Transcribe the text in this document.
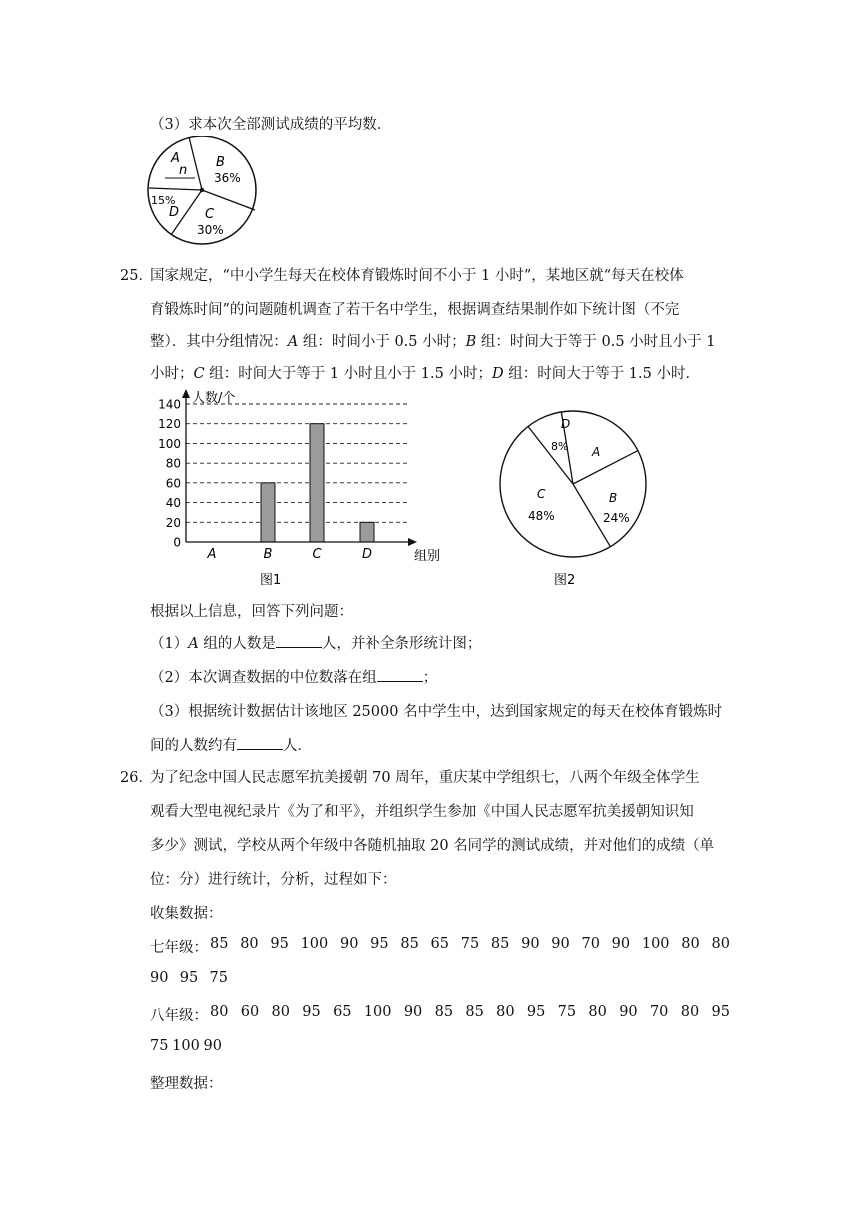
（3）求本次全部测试成绩的平均数．
A
n
B
36%
15%
D C
30%
25．
国家规定，“中小学生每天在校体育锻炼时间不小于 1 小时”，某地区就“每天在校体
育锻炼时间”的问题随机调查了若干名中学生，根据调查结果制作如下统计图（不完
整）．其中分组情况：A 组：时间小于 0.5 小时；B 组：时间大于等于 0.5 小时且小于 1
小时；C 组：时间大于等于 1 小时且小于 1.5 小时；D 组：时间大于等于 1.5 小时．
0
20
40
60
80
100
120
140
A	B	C	D
人数/个
组别
图1
D
8% A
B
24%
C
48%
图2
根据以上信息，回答下列问题：
（1）A 组的人数是	人，并补全条形统计图；
（2）本次调查数据的中位数落在组	；
（3）根据统计数据估计该地区 25000 名中学生中，达到国家规定的每天在校体育锻炼时
间的人数约有	人．
26．
为了纪念中国人民志愿军抗美援朝 70 周年，重庆某中学组织七，八两个年级全体学生
观看大型电视纪录片《为了和平》，并组织学生参加《中国人民志愿军抗美援朝知识知
多少》测试，学校从两个年级中各随机抽取 20 名同学的测试成绩，并对他们的成绩（单
位：分）进行统计，分析，过程如下：
收集数据：
七年级： 85 80 95 100 90 95 85 65 75 85 90 90 70 90 100 80 80
90 95 75
八年级： 80 60 80 95 65 100 90 85 85 80 95 75 80 90 70 80 95
75 100 90
整理数据：
